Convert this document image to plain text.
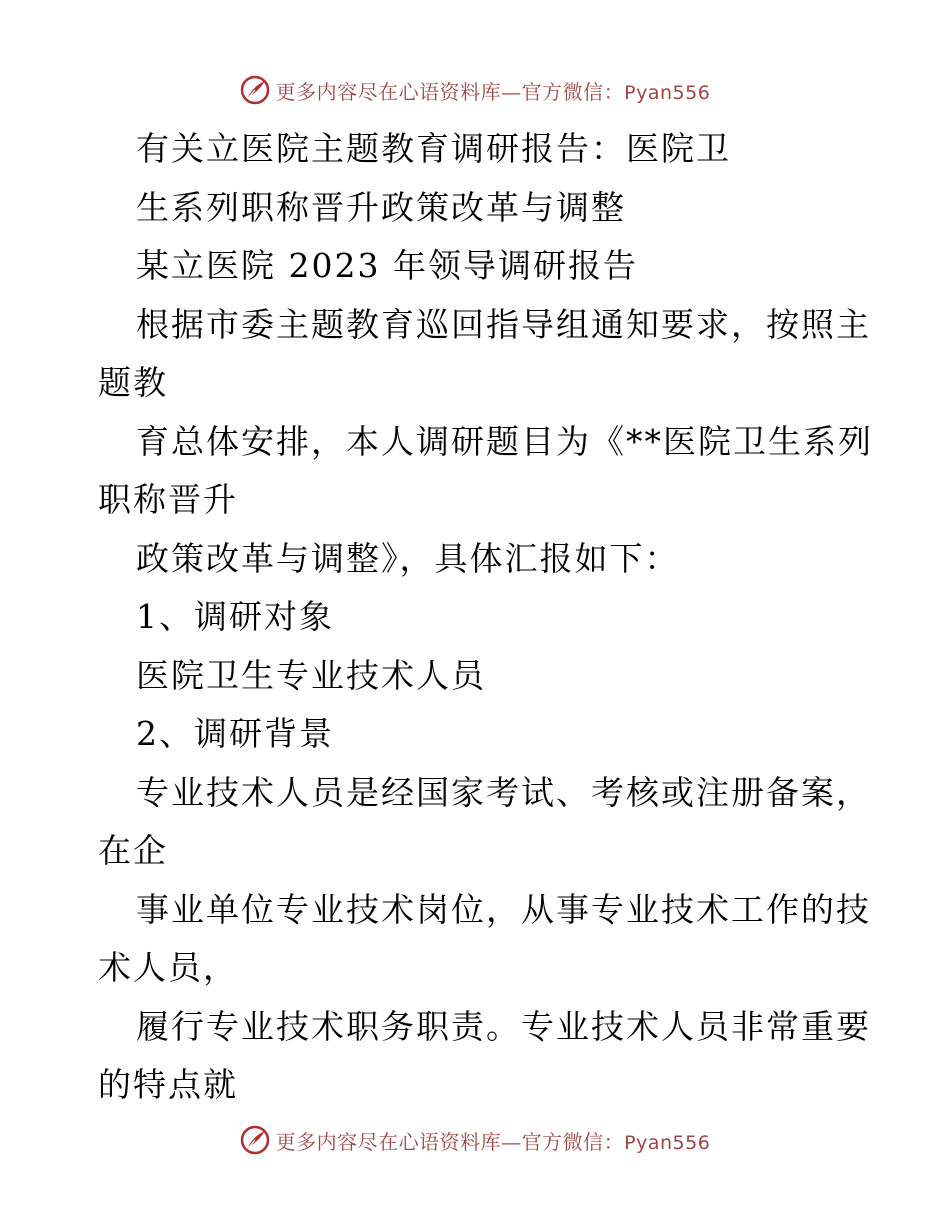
更多内容尽在心语资料库—官方微信：Pyan556
有关立医院主题教育调研报告：医院卫
生系列职称晋升政策改革与调整
某立医院 2023 年领导调研报告
根据市委主题教育巡回指导组通知要求，按照主
题教
育总体安排，本人调研题目为《**医院卫生系列
职称晋升
政策改革与调整》，具体汇报如下：
1、调研对象
医院卫生专业技术人员
2、调研背景
专业技术人员是经国家考试、考核或注册备案，
在企
事业单位专业技术岗位，从事专业技术工作的技
术人员，
履行专业技术职务职责。专业技术人员非常重要
的特点就
更多内容尽在心语资料库—官方微信：Pyan556
